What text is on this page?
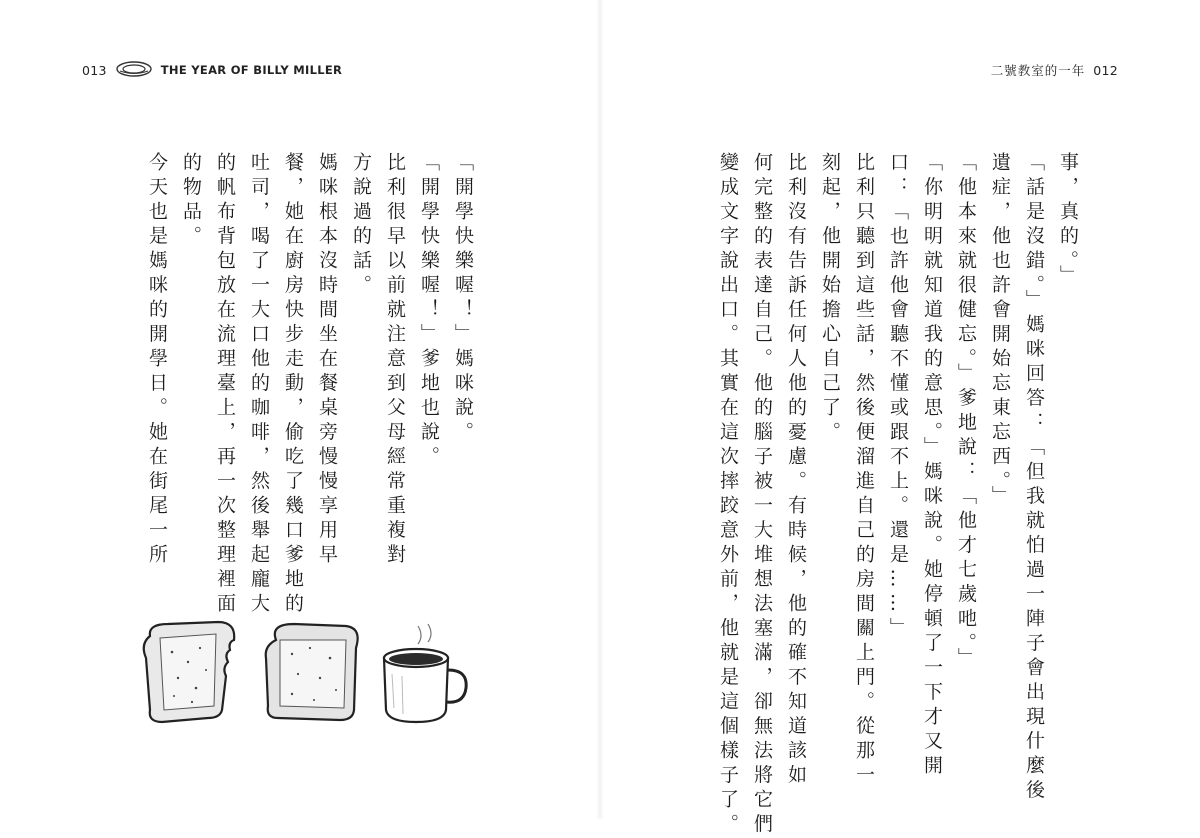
013	THE YEAR OF BILLY MILLER
「開學快樂喔！」媽咪說。
「開學快樂喔！」爹地也說。
比利很早以前就注意到父母經常重複對
方說過的話。
媽咪根本沒時間坐在餐桌旁慢慢享用早
餐，她在廚房快步走動，偷吃了幾口爹地的
吐司，喝了一大口他的咖啡，然後舉起龐大
的帆布背包放在流理臺上，再一次整理裡面
的物品。
今天也是媽咪的開學日。她在街尾一所
二號教室的一年 012
事，真的。」
「話是沒錯。」媽咪回答：「但我就怕過一陣子會出現什麼後
遺症，他也許會開始忘東忘西。」
「他本來就很健忘。」爹地說：「他才七歲吔。」
「你明明就知道我的意思。」媽咪說。她停頓了一下才又開
口：「也許他會聽不懂或跟不上。還是……」
比利只聽到這些話，然後便溜進自己的房間關上門。從那一
刻起，他開始擔心自己了。
比利沒有告訴任何人他的憂慮。有時候，他的確不知道該如
何完整的表達自己。他的腦子被一大堆想法塞滿，卻無法將它們
變成文字說出口。其實在這次摔跤意外前，他就是這個樣子了。
